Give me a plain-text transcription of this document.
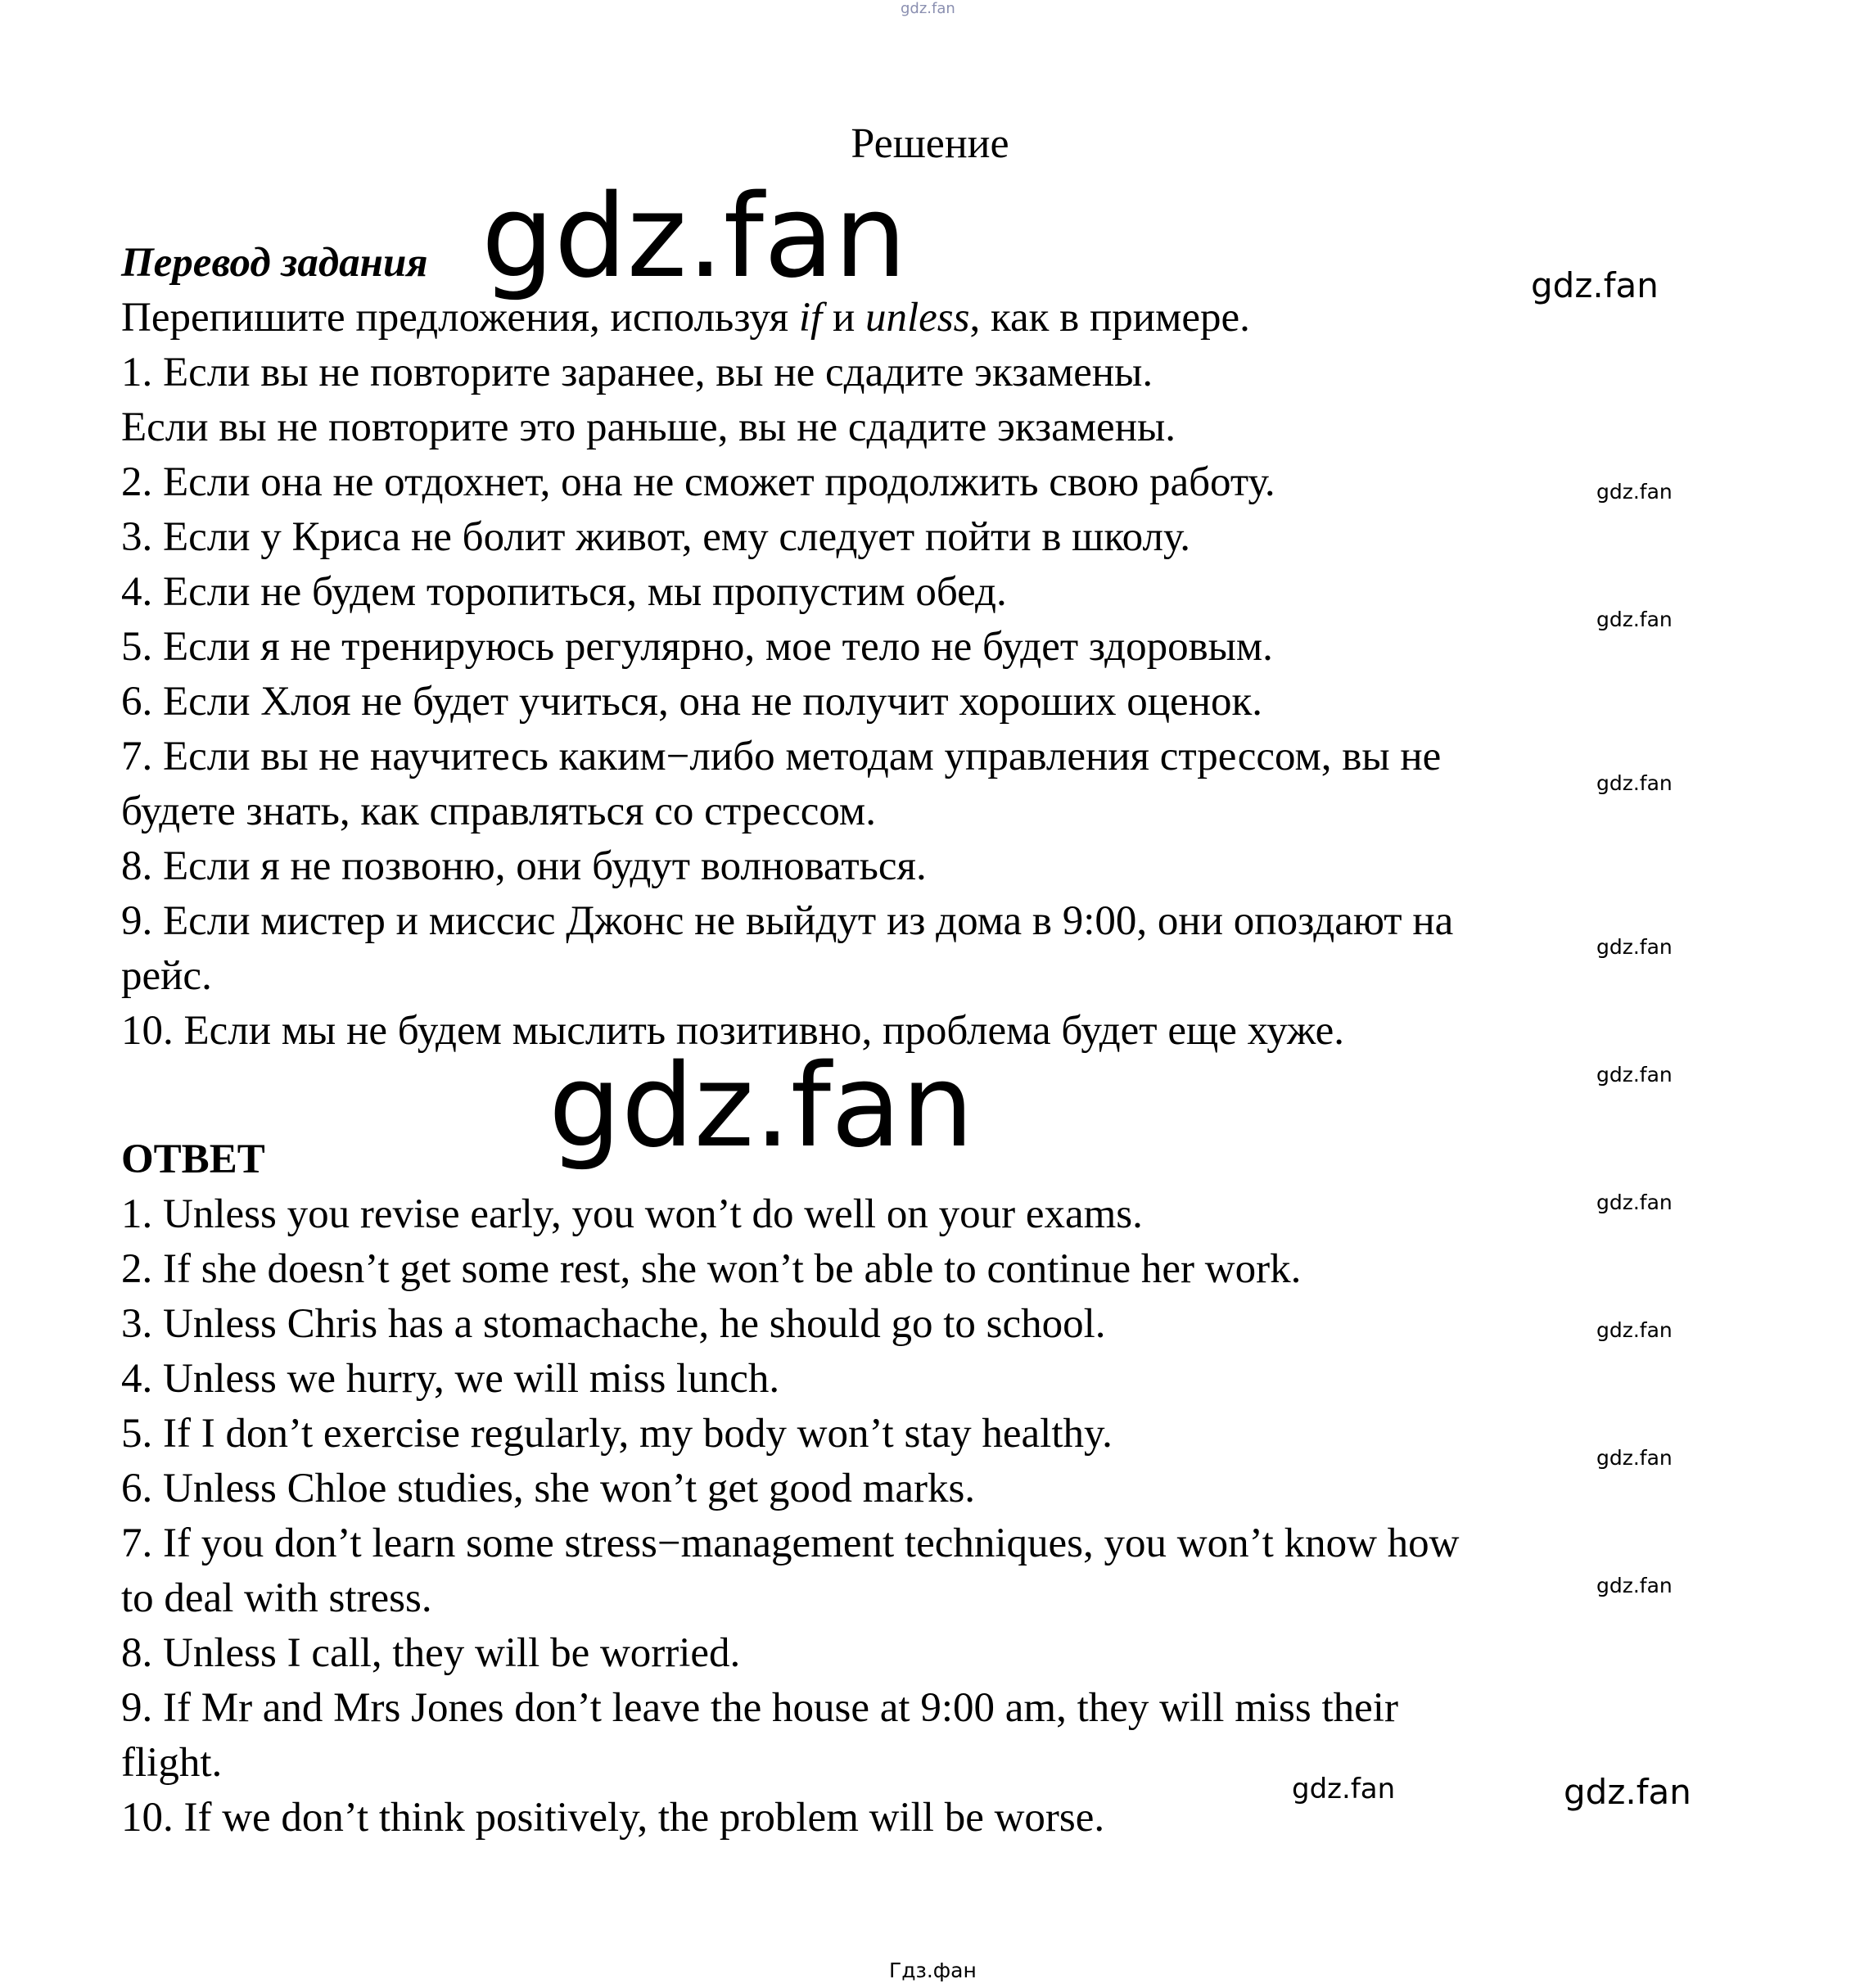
gdz.fan
gdz.fan
gdz.fan
gdz.fan
gdz.fan
gdz.fan
gdz.fan
gdz.fan
gdz.fan
gdz.fan
gdz.fan
gdz.fan
gdz.fan
gdz.fan
gdz.fan
Гдз.фан
Решение
Перевод задания
Перепишите предложения, используя if и unless, как в примере.
1. Если вы не повторите заранее, вы не сдадите экзамены.
Если вы не повторите это раньше, вы не сдадите экзамены.
2. Если она не отдохнет, она не сможет продолжить свою работу.
3. Если у Криса не болит живот, ему следует пойти в школу.
4. Если не будем торопиться, мы пропустим обед.
5. Если я не тренируюсь регулярно, мое тело не будет здоровым.
6. Если Хлоя не будет учиться, она не получит хороших оценок.
7. Если вы не научитесь каким−либо методам управления стрессом, вы не
будете знать, как справляться со стрессом.
8. Если я не позвоню, они будут волноваться.
9. Если мистер и миссис Джонс не выйдут из дома в 9:00, они опоздают на
рейс.
10. Если мы не будем мыслить позитивно, проблема будет еще хуже.
ОТВЕТ
1. Unless you revise early, you won’t do well on your exams.
2. If she doesn’t get some rest, she won’t be able to continue her work.
3. Unless Chris has a stomachache, he should go to school.
4. Unless we hurry, we will miss lunch.
5. If I don’t exercise regularly, my body won’t stay healthy.
6. Unless Chloe studies, she won’t get good marks.
7. If you don’t learn some stress−management techniques, you won’t know how
to deal with stress.
8. Unless I call, they will be worried.
9. If Mr and Mrs Jones don’t leave the house at 9:00 am, they will miss their
flight.
10. If we don’t think positively, the problem will be worse.
